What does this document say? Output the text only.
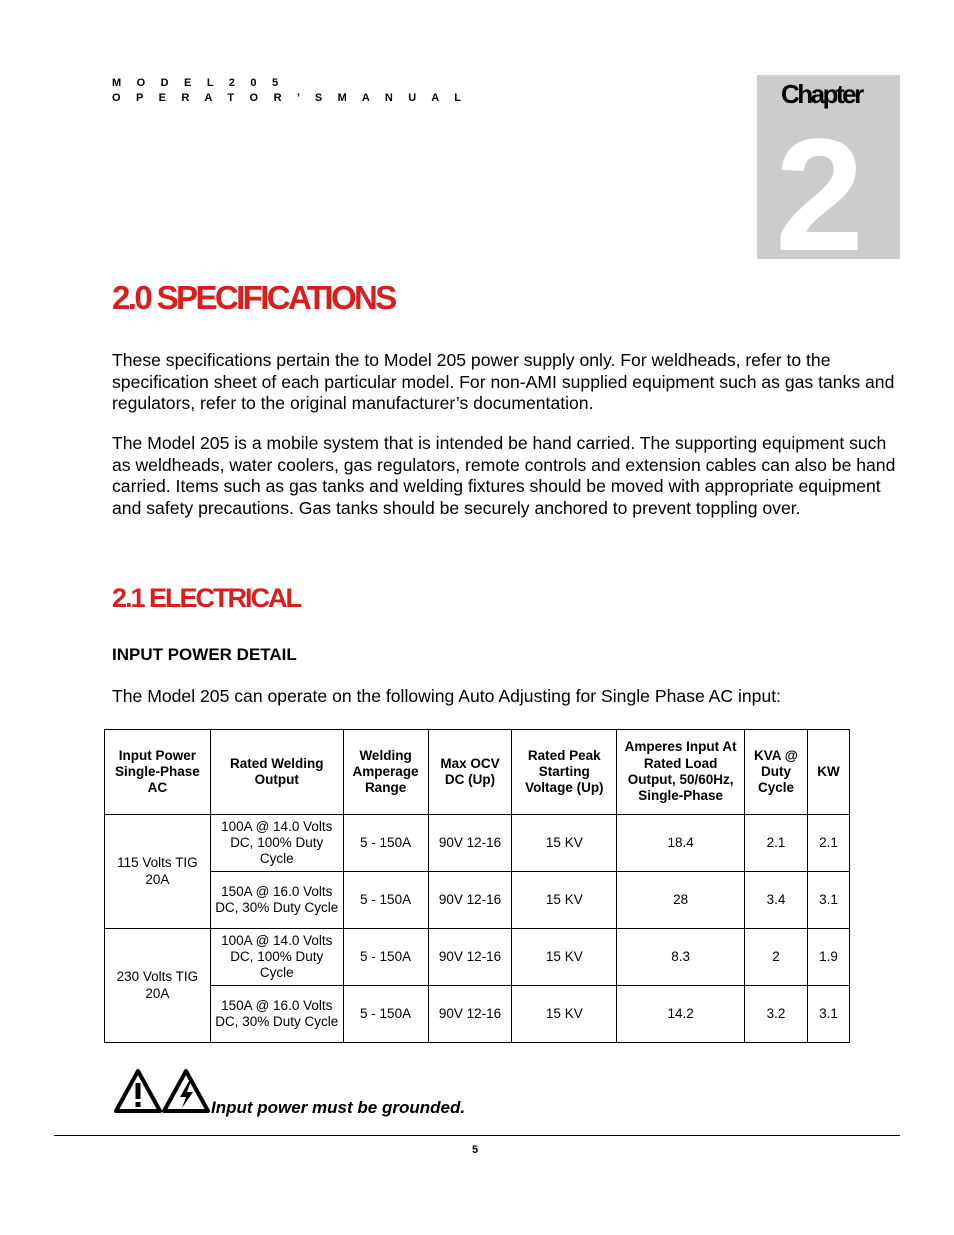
M O D E L 2 0 5
O P E R A T O R ’ S M A N U A L	Chapter
2
2.0 SPECIFICATIONS

These specifications pertain the to Model 205 power supply only. For weldheads, refer to the specification sheet of each particular model. For non-AMI supplied equipment such as gas tanks and regulators, refer to the original manufacturer’s documentation.

The Model 205 is a mobile system that is intended be hand carried. The supporting equipment such as weldheads, water coolers, gas regulators, remote controls and extension cables can also be hand carried. Items such as gas tanks and welding fixtures should be moved with appropriate equipment and safety precautions. Gas tanks should be securely anchored to prevent toppling over.

2.1 ELECTRICAL
INPUT POWER DETAIL

The Model 205 can operate on the following Auto Adjusting for Single Phase AC input:

Input Power Single-Phase AC	Rated Welding Output	Welding Amperage Range	Max OCV DC (Up)	Rated Peak Starting Voltage (Up)	Amperes Input At Rated Load Output, 50/60Hz, Single-Phase	KVA @ Duty Cycle	KW
115 Volts TIG 20A	100A @ 14.0 Volts DC, 100% Duty Cycle	5 - 150A	90V 12-16	15 KV	18.4	2.1	2.1
	150A @ 16.0 Volts DC, 30% Duty Cycle	5 - 150A	90V 12-16	15 KV	28	3.4	3.1
230 Volts TIG 20A	100A @ 14.0 Volts DC, 100% Duty Cycle	5 - 150A	90V 12-16	15 KV	8.3	2	1.9
	150A @ 16.0 Volts DC, 30% Duty Cycle	5 - 150A	90V 12-16	15 KV	14.2	3.2	3.1
Input power must be grounded.
5
